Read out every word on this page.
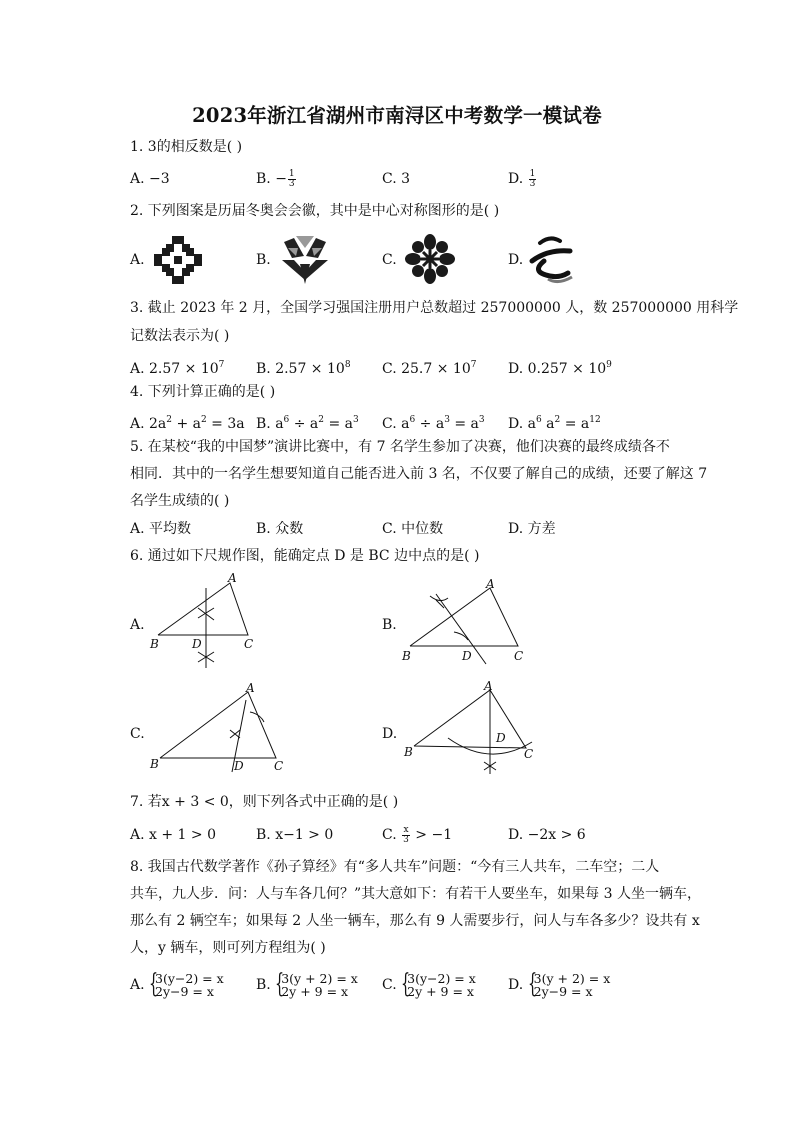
2023年浙江省湖州市南浔区中考数学一模试卷
1. 3的相反数是( )
A. −3	B. − $\frac{1}{3}$	C. 3	D. $\frac{1}{3}$
2. 下列图案是历届冬奥会会徽，其中是中心对称图形的是( )
A.	B.	C.	D.
3. 截止 2023 年 2 月，全国学习强国注册用户总数超过 257000000 人，数 257000000 用科学
记数法表示为( )
A. $2.57 \times 10^7$ B. $2.57 \times 10^8$ C. $25.7 \times 10^7$ D. $0.257 \times 10^9$
4. 下列计算正确的是( )
A. $2a^2 + a^2 = 3a$ B. $a^6 \div a^2 = a^3$ C. $a^6 \div a^3 = a^3$ D. $a^6$ $a^2 = a^{12}$
5. 在某校“我的中国梦”演讲比赛中，有 7 名学生参加了决赛，他们决赛的最终成绩各不
相同．其中的一名学生想要知道自己能否进入前 3 名，不仅要了解自己的成绩，还要了解这 7
名学生成绩的( )
A. 平均数	B. 众数	C. 中位数	D. 方差
6. 通过如下尺规作图，能确定点 D 是 BC 边中点的是( )
A.	B.
C.	D.
A
B	D	C
A
B	D	C
A
B	D	C
A
B
D
C
7. 若x + 3 < 0，则下列各式中正确的是( )
A. x + 1 > 0	B. x−1 > 0	C. $\frac{x}{3} > -1$	D. −2x > 6
8. 我国古代数学著作《孙子算经》有“多人共车”问题：“今有三人共车，二车空；二人
共车，九人步．问：人与车各几何？”其大意如下：有若干人要坐车，如果每 3 人坐一辆车，
那么有 2 辆空车；如果每 2 人坐一辆车，那么有 9 人需要步行，问人与车各多少？设共有 x
人，y 辆车，则可列方程组为( )
A. {
3(y−2) = x
2y−9 = x	B. {
3(y + 2) = x
2y + 9 = x	C. {
3(y−2) = x
2y + 9 = x D. {
3(y + 2) = x
2y−9 = x
